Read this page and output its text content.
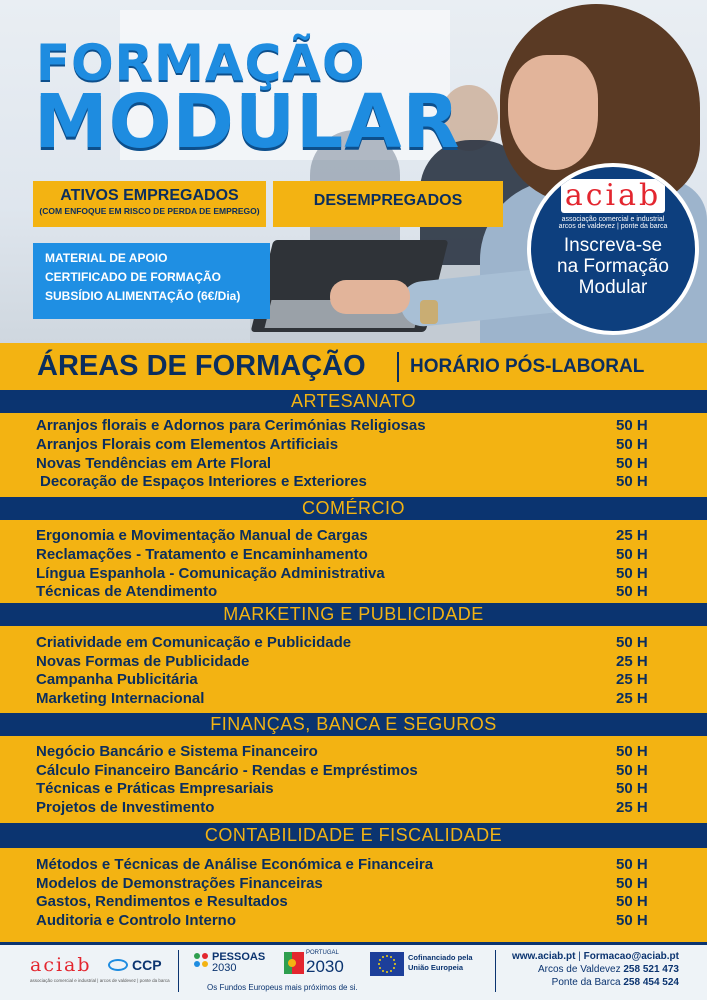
FORMAÇÃO
MODULAR
ATIVOS EMPREGADOS
(COM ENFOQUE EM RISCO DE PERDA DE EMPREGO)
DESEMPREGADOS
MATERIAL DE APOIO
CERTIFICADO DE FORMAÇÃO
SUBSÍDIO ALIMENTAÇÃO (6€/Dia)
aciab
associação comercial e industrial
arcos de valdevez | ponte da barca
Inscreva-se
na Formação
Modular
ÁREAS DE FORMAÇÃO HORÁRIO PÓS-LABORAL
ARTESANATO
Arranjos florais e Adornos para Cerimónias Religiosas	50 H
Arranjos Florais com Elementos Artificiais	50 H
Novas Tendências em Arte Floral	50 H
Decoração de Espaços Interiores e Exteriores	50 H
COMÉRCIO
Ergonomia e Movimentação Manual de Cargas	25 H
Reclamações - Tratamento e Encaminhamento	50 H
Língua Espanhola - Comunicação Administrativa	50 H
Técnicas de Atendimento	50 H
MARKETING E PUBLICIDADE
Criatividade em Comunicação e Publicidade	50 H
Novas Formas de Publicidade	25 H
Campanha Publicitária	25 H
Marketing Internacional	25 H
FINANÇAS, BANCA E SEGUROS
Negócio Bancário e Sistema Financeiro	50 H
Cálculo Financeiro Bancário - Rendas e Empréstimos	50 H
Técnicas e Práticas Empresariais	50 H
Projetos de Investimento	25 H
CONTABILIDADE E FISCALIDADE
Métodos e Técnicas de Análise Económica e Financeira	50 H
Modelos de Demonstrações Financeiras	50 H
Gastos, Rendimentos e Resultados	50 H
Auditoria e Controlo Interno	50 H
aciab
associação comercial e industrial | arcos de valdevez | ponte da barca
CCP	PESSOAS
2030
PORTUGAL
2030
Os Fundos Europeus mais próximos de si.
Cofinanciado pela
União Europeia
www.aciab.pt | Formacao@aciab.pt
Arcos de Valdevez 258 521 473
Ponte da Barca 258 454 524
